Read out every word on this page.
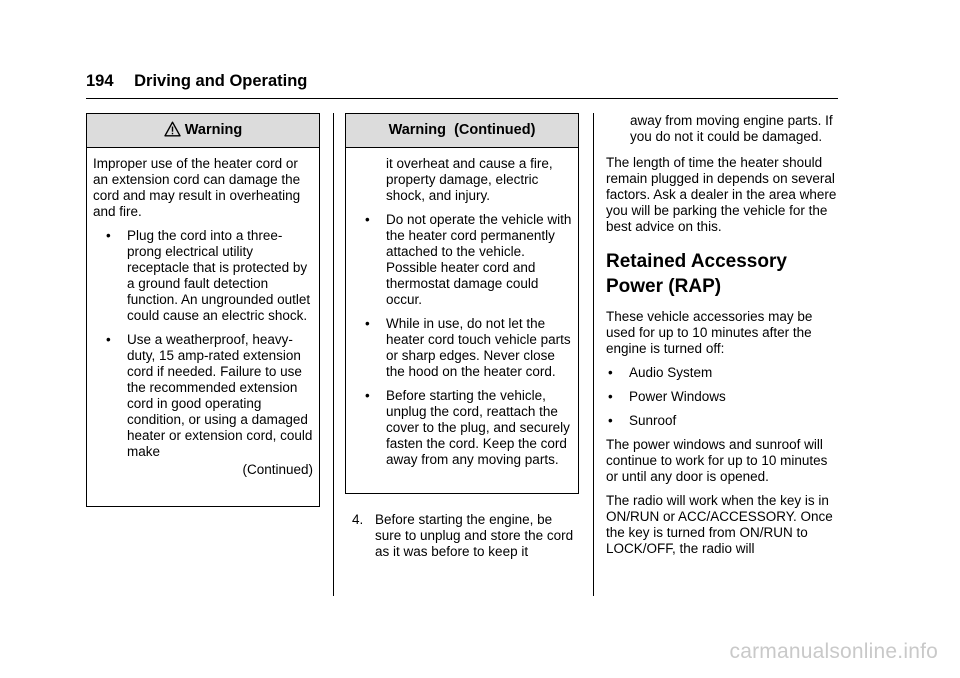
194 Driving and Operating
Warning

Improper use of the heater cord or an extension cord can damage the cord and may result in overheating and fire.

• Plug the cord into a three-prong electrical utility receptacle that is protected by a ground fault detection function. An ungrounded outlet could cause an electric shock.
• Use a weatherproof, heavy-duty, 15 amp-rated extension cord if needed. Failure to use the recommended extension cord in good operating condition, or using a damaged heater or extension cord, could make
(Continued)
Warning  (Continued)

it overheat and cause a fire, property damage, electric shock, and injury.

• Do not operate the vehicle with the heater cord permanently attached to the vehicle. Possible heater cord and thermostat damage could occur.
• While in use, do not let the heater cord touch vehicle parts or sharp edges. Never close the hood on the heater cord.
• Before starting the vehicle, unplug the cord, reattach the cover to the plug, and securely fasten the cord. Keep the cord away from any moving parts.
4. Before starting the engine, be sure to unplug and store the cord as it was before to keep it

away from moving engine parts. If you do not it could be damaged.

The length of time the heater should remain plugged in depends on several factors. Ask a dealer in the area where you will be parking the vehicle for the best advice on this.

Retained Accessory Power (RAP)

These vehicle accessories may be used for up to 10 minutes after the engine is turned off:

• Audio System
• Power Windows
• Sunroof

The power windows and sunroof will continue to work for up to 10 minutes or until any door is opened.

The radio will work when the key is in ON/RUN or ACC/ACCESSORY. Once the key is turned from ON/RUN to LOCK/OFF, the radio will

carmanualsonline.info
